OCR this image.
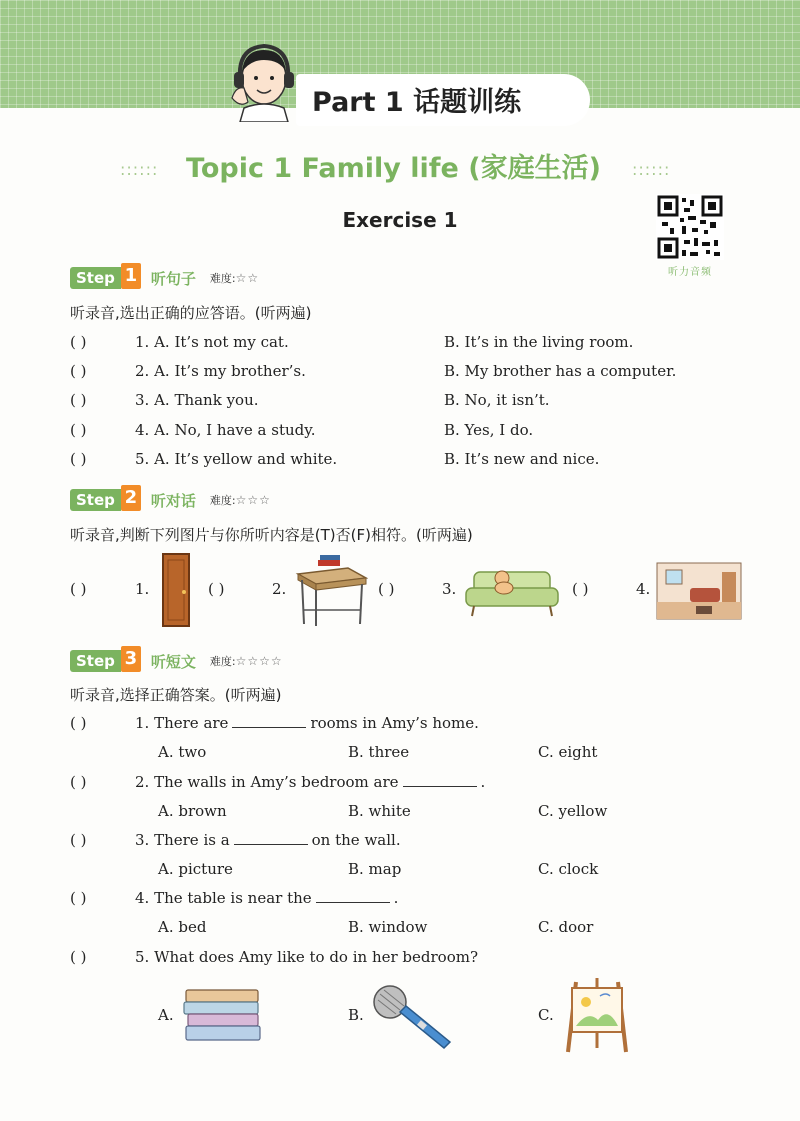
Part 1 话题训练
:::::: Topic 1 Family life (家庭生活) ::::::
Exercise 1
听力音频
Step 1 听句子 难度:☆☆
听录音,选出正确的应答语。(听两遍)
( )	1. A. It’s not my cat.	B. It’s in the living room.
( )	2. A. It’s my brother’s.	B. My brother has a computer.
( )	3. A. Thank you.	B. No, it isn’t.
( )	4. A. No, I have a study.	B. Yes, I do.
( )	5. A. It’s yellow and white.	B. It’s new and nice.
Step 2 听对话 难度:☆☆☆
听录音,判断下列图片与你所听内容是(T)否(F)相符。(听两遍)
( )	1.	( )	2.	( )	3.	( )	4.
Step 3 听短文 难度:☆☆☆☆
听录音,选择正确答案。(听两遍)
( )	1. There are	rooms in Amy’s home.
A. two	B. three	C. eight
( )	2. The walls in Amy’s bedroom are	.
A. brown	B. white	C. yellow
( )	3. There is a	on the wall.
A. picture	B. map	C. clock
( )	4. The table is near the	.
A. bed	B. window	C. door
( )	5. What does Amy like to do in her bedroom?
A.	B.	C.
